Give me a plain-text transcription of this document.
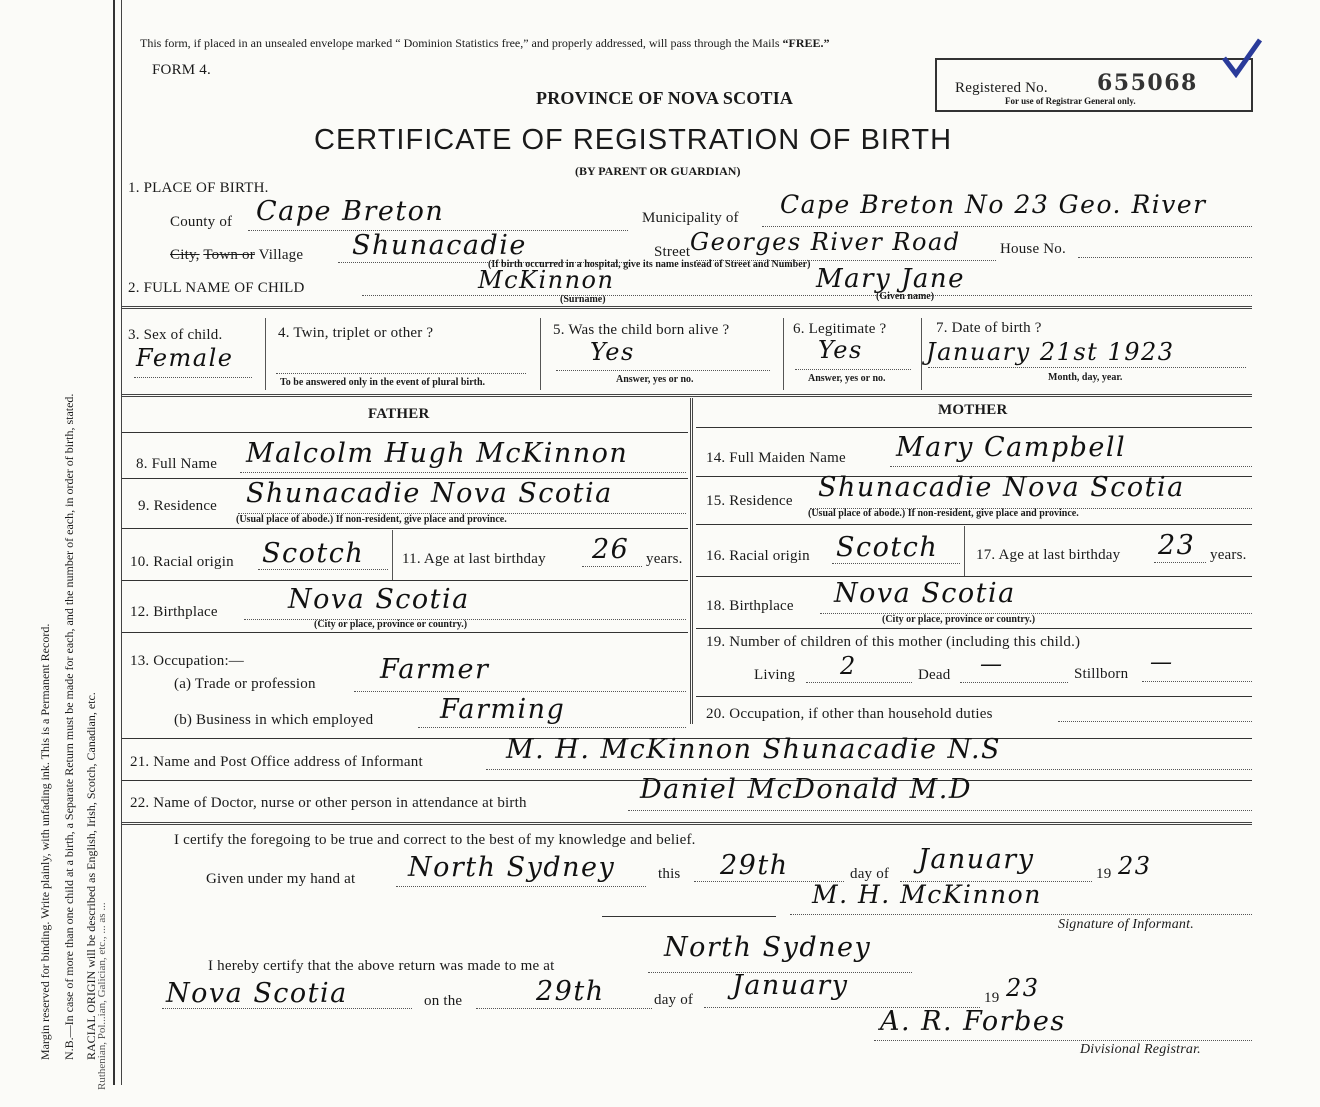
Margin reserved for binding. Write plainly, with unfading ink. This is a Permanent Record. N.B.—In case of more than one child at a birth, a Separate Return must be made for each, and the number of each, in order of birth, stated. RACIAL ORIGIN will be described as English, Irish, Scotch, Canadian, etc.
Ruthenian, Pol...ian, Galician, etc., ... as ...
This form, if placed in an unsealed envelope marked “ Dominion Statistics free,” and properly addressed, will pass through the Mails “FREE.”
FORM 4.
PROVINCE OF NOVA SCOTIA
CERTIFICATE OF REGISTRATION OF BIRTH
(BY PARENT OR GUARDIAN)
Registered No. 655068
For use of Registrar General only.
1. PLACE OF BIRTH.
County of Cape Breton	Municipality of Cape Breton No 23 Geo. River
City, Town or Village Shunacadie	Street Georges River Road	House No.
(If birth occurred in a hospital, give its name instead of Street and Number)
2. FULL NAME OF CHILD	McKinnon
(Surname)
Mary Jane
(Given name)
3. Sex of child.
Female
4. Twin, triplet or other ?
To be answered only in the event of plural birth.
5. Was the child born alive ?
Yes
Answer, yes or no.
6. Legitimate ?
Yes
Answer, yes or no.
7. Date of birth ?
January 21st 1923
Month, day, year.
FATHER	MOTHER
8. Full Name Malcolm Hugh McKinnon
9. Residence Shunacadie Nova Scotia
(Usual place of abode.) If non-resident, give place and province.
10. Racial origin Scotch	11. Age at last birthday 26 years.
12. Birthplace	Nova Scotia
(City or place, province or country.)
13. Occupation:—
(a) Trade or profession Farmer
(b) Business in which employed Farming
14. Full Maiden Name Mary Campbell
15. Residence Shunacadie Nova Scotia
(Usual place of abode.) If non-resident, give place and province.
16. Racial origin Scotch	17. Age at last birthday 23 years.
18. Birthplace Nova Scotia
(City or place, province or country.)
19. Number of children of this mother (including this child.)
Living 2	Dead —	Stillborn —
20. Occupation, if other than household duties
21. Name and Post Office address of Informant	M. H. McKinnon Shunacadie N.S
22. Name of Doctor, nurse or other person in attendance at birth	Daniel McDonald M.D
I certify the foregoing to be true and correct to the best of my knowledge and belief.
Given under my hand at North Sydney	this 29th	day of January	19 23
M. H. McKinnon
Signature of Informant.
I hereby certify that the above return was made to me at
North Sydney
Nova Scotia	on the	29th	day of January	19 23
A. R. Forbes
Divisional Registrar.
